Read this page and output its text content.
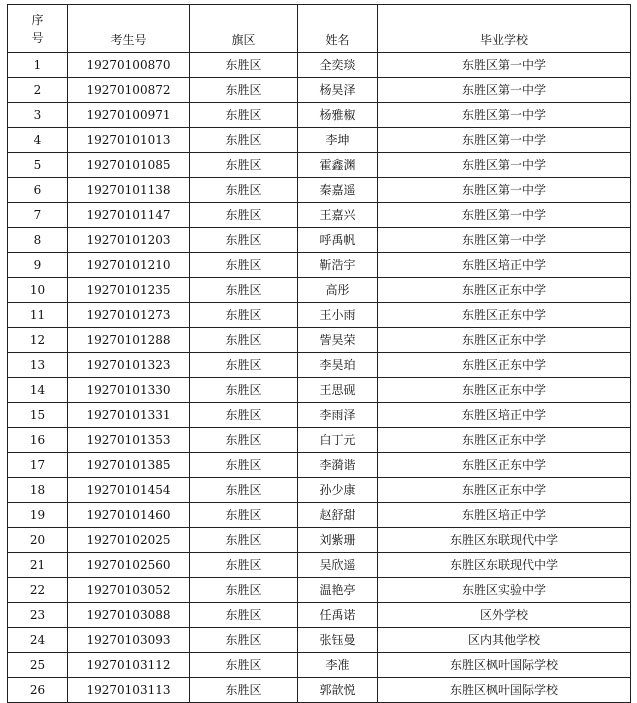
序
号	考生号	旗区	姓名	毕业学校
1	19270100870	东胜区	全奕琰	东胜区第一中学
2	19270100872	东胜区	杨昊泽	东胜区第一中学
3	19270100971	东胜区	杨雅椒	东胜区第一中学
4	19270101013	东胜区	李坤	东胜区第一中学
5	19270101085	东胜区	霍鑫渊	东胜区第一中学
6	19270101138	东胜区	秦嘉遥	东胜区第一中学
7	19270101147	东胜区	王嘉兴	东胜区第一中学
8	19270101203	东胜区	呼禹帆	东胜区第一中学
9	19270101210	东胜区	靳浩宇	东胜区培正中学
10	19270101235	东胜区	高彤	东胜区正东中学
11	19270101273	东胜区	王小雨	东胜区正东中学
12	19270101288	东胜区	訾昊荣	东胜区正东中学
13	19270101323	东胜区	李昊珀	东胜区正东中学
14	19270101330	东胜区	王思砚	东胜区正东中学
15	19270101331	东胜区	李雨泽	东胜区培正中学
16	19270101353	东胜区	白丁元	东胜区正东中学
17	19270101385	东胜区	李漪谐	东胜区正东中学
18	19270101454	东胜区	孙少康	东胜区正东中学
19	19270101460	东胜区	赵舒甜	东胜区培正中学
20	19270102025	东胜区	刘紫珊	东胜区东联现代中学
21	19270102560	东胜区	吴欣遥	东胜区东联现代中学
22	19270103052	东胜区	温艳亭	东胜区实验中学
23	19270103088	东胜区	任禹诺	区外学校
24	19270103093	东胜区	张钰曼	区内其他学校
25	19270103112	东胜区	李准	东胜区枫叶国际学校
26	19270103113	东胜区	郭歆悦	东胜区枫叶国际学校
